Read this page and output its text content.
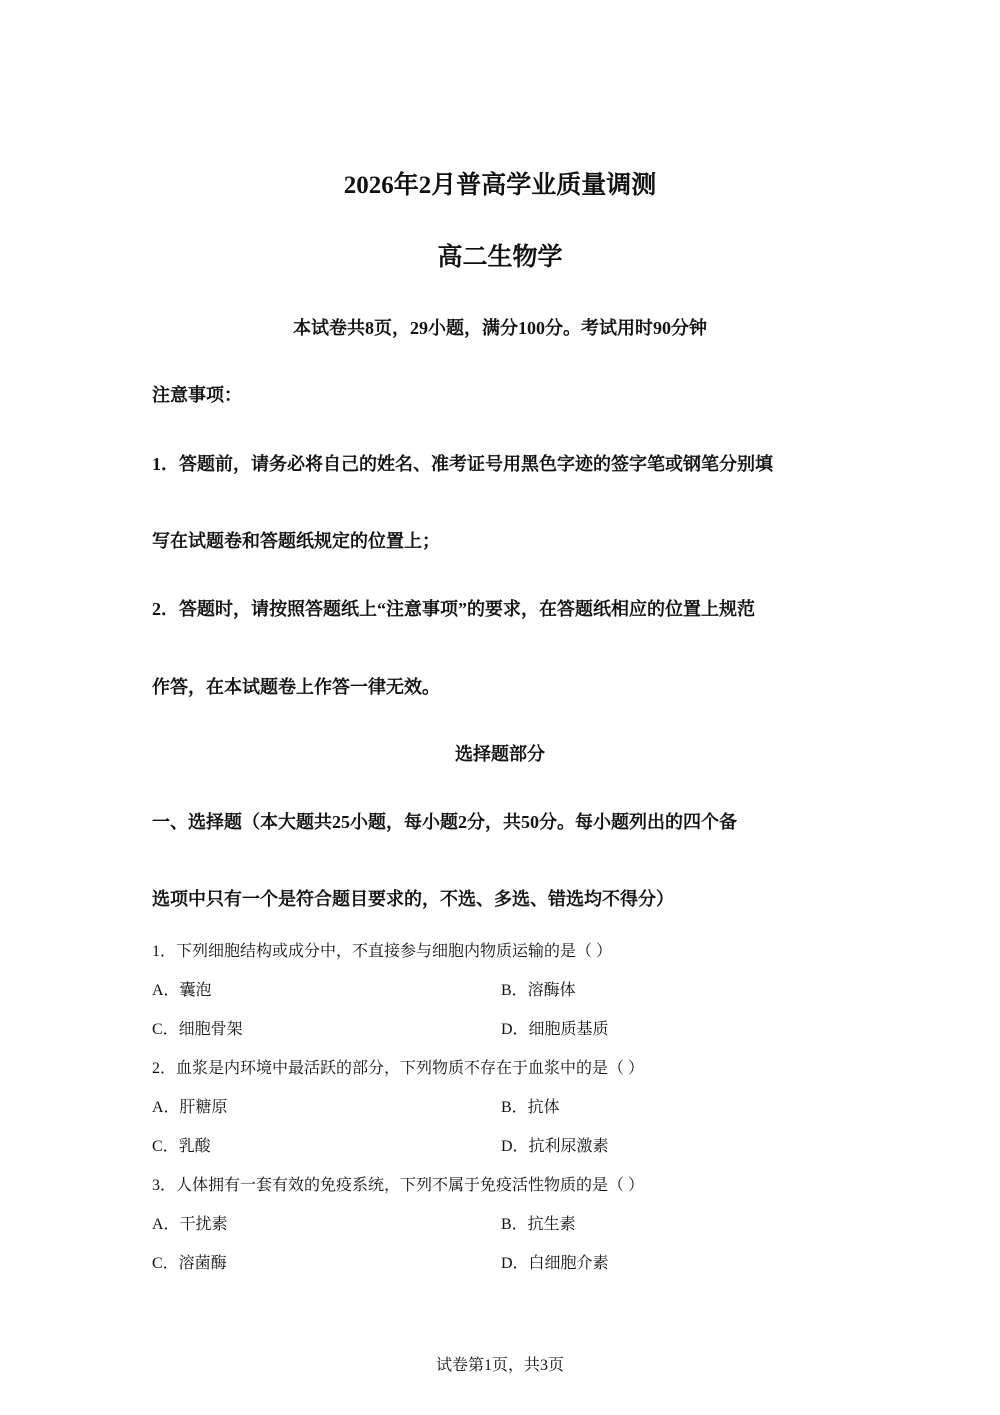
2026年2月普高学业质量调测
高二生物学
本试卷共8页，29小题，满分100分。考试用时90分钟
注意事项：
1．答题前，请务必将自己的姓名、准考证号用黑色字迹的签字笔或钢笔分别填
写在试题卷和答题纸规定的位置上；
2．答题时，请按照答题纸上“注意事项”的要求，在答题纸相应的位置上规范
作答，在本试题卷上作答一律无效。
选择题部分
一、选择题（本大题共25小题，每小题2分，共50分。每小题列出的四个备
选项中只有一个是符合题目要求的，不选、多选、错选均不得分）
1．下列细胞结构或成分中，不直接参与细胞内物质运输的是（ ）
A．囊泡	B．溶酶体
C．细胞骨架	D．细胞质基质
2．血浆是内环境中最活跃的部分，下列物质不存在于血浆中的是（ ）
A．肝糖原	B．抗体
C．乳酸	D．抗利尿激素
3．人体拥有一套有效的免疫系统，下列不属于免疫活性物质的是（ ）
A．干扰素	B．抗生素
C．溶菌酶	D．白细胞介素
试卷第1页，共3页
